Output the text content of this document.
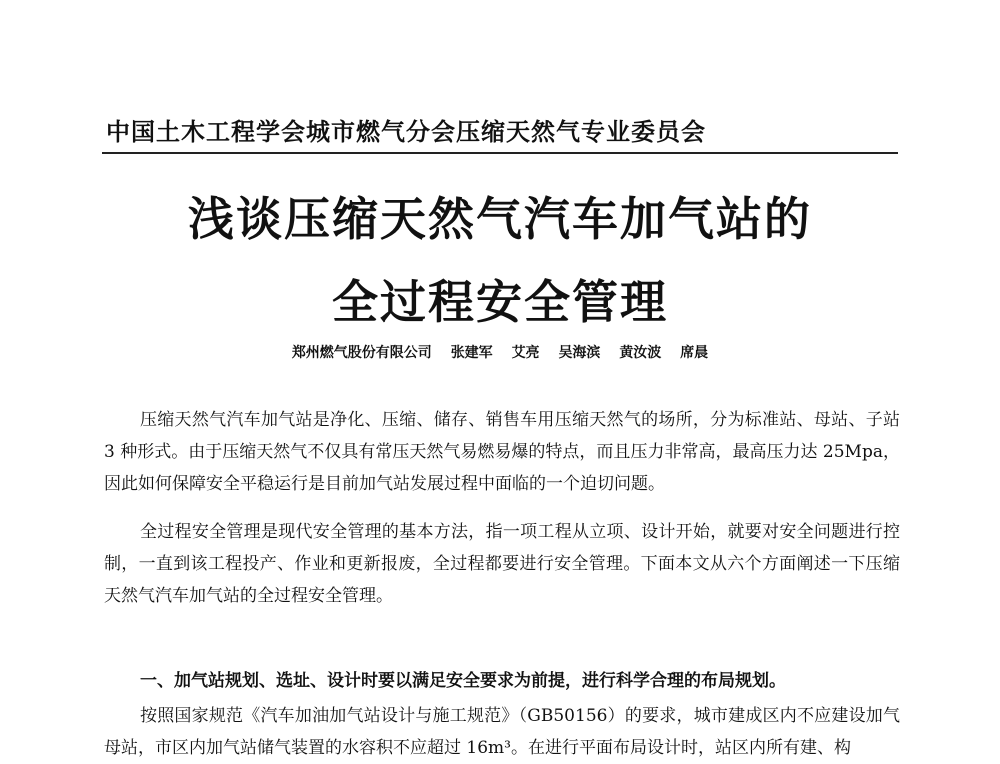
中国土木工程学会城市燃气分会压缩天然气专业委员会
浅谈压缩天然气汽车加气站的
全过程安全管理
郑州燃气股份有限公司 张建军 艾亮 吴海滨 黄汝波 席晨
压缩天然气汽车加气站是净化、压缩、储存、销售车用压缩天然气的场所，分为标准站、母站、子站 3 种形式。由于压缩天然气不仅具有常压天然气易燃易爆的特点，而且压力非常高，最高压力达 25Mpa，因此如何保障安全平稳运行是目前加气站发展过程中面临的一个迫切问题。
全过程安全管理是现代安全管理的基本方法，指一项工程从立项、设计开始，就要对安全问题进行控制，一直到该工程投产、作业和更新报废，全过程都要进行安全管理。下面本文从六个方面阐述一下压缩天然气汽车加气站的全过程安全管理。
一、加气站规划、选址、设计时要以满足安全要求为前提，进行科学合理的布局规划。
按照国家规范《汽车加油加气站设计与施工规范》（GB50156）的要求，城市建成区内不应建设加气母站，市区内加气站储气装置的水容积不应超过 16m³。在进行平面布局设计时，站区内所有建、构
